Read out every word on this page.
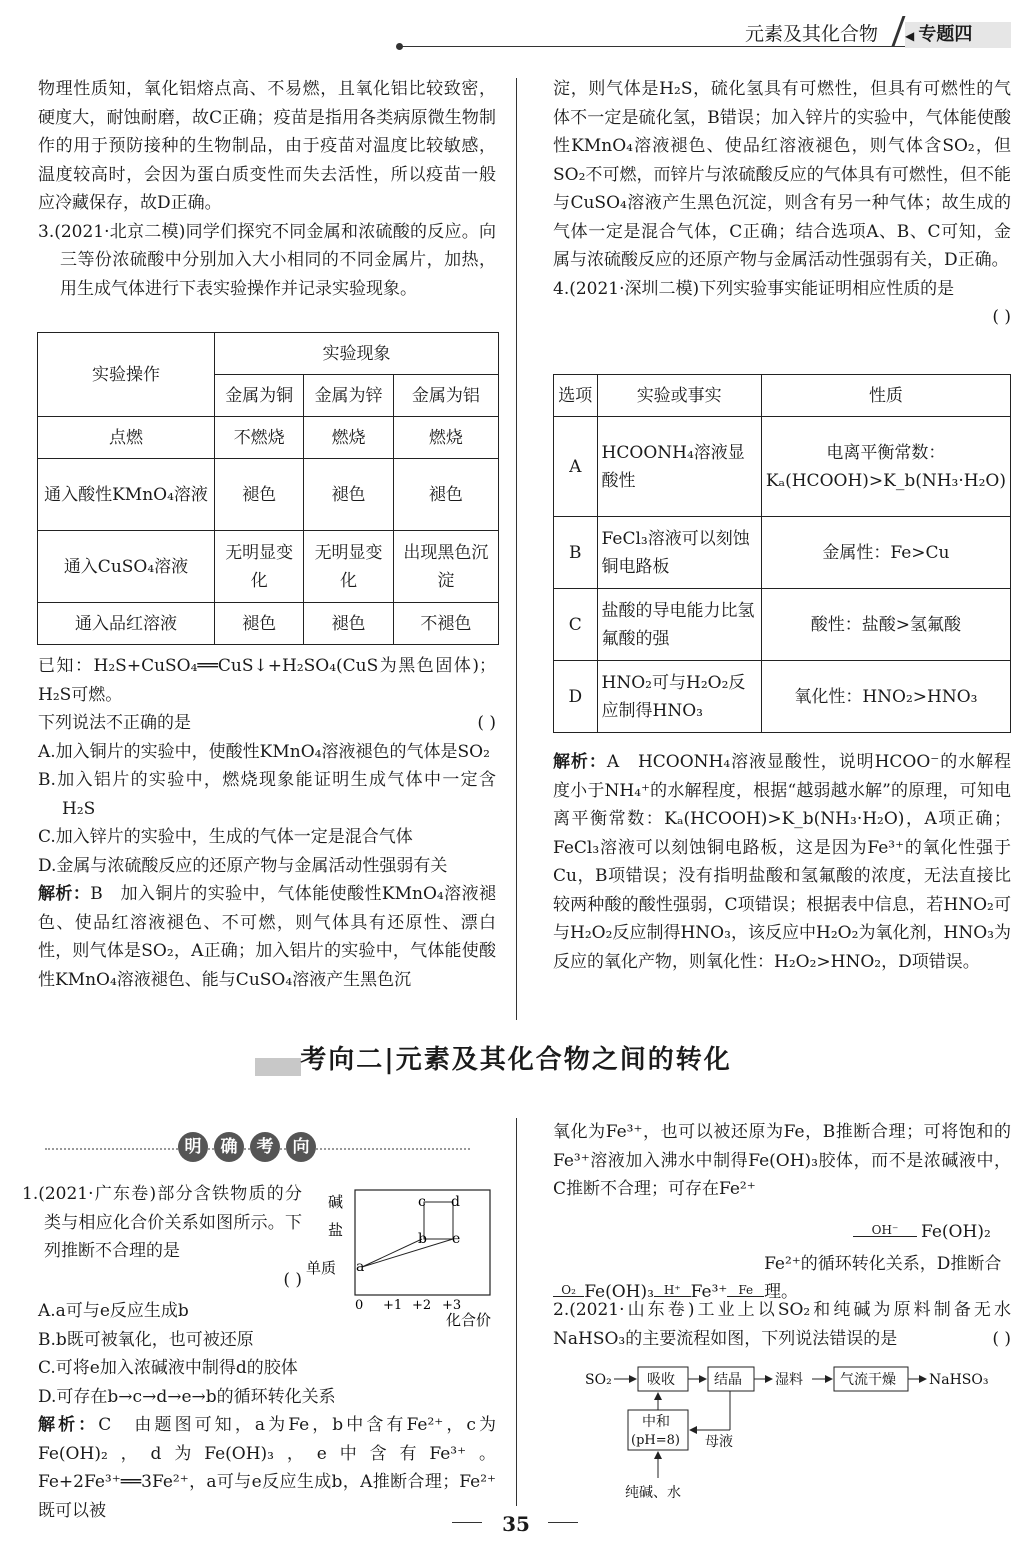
元素及其化合物 ◀ 专题四

物理性质知，氧化铝熔点高、不易燃，且氧化铝比较致密，硬度大，耐蚀耐磨，故C正确；疫苗是指用各类病原微生物制作的用于预防接种的生物制品，由于疫苗对温度比较敏感，温度较高时，会因为蛋白质变性而失去活性，所以疫苗一般应冷藏保存，故D正确。

3.(2021·北京二模)同学们探究不同金属和浓硫酸的反应。向三等份浓硫酸中分别加入大小相同的不同金属片，加热，用生成气体进行下表实验操作并记录实验现象。

实验操作	实验现象		
	金属为铜	金属为锌	金属为铝
点燃	不燃烧	燃烧	燃烧
通入酸性KMnO₄溶液	褪色	褪色	褪色
通入CuSO₄溶液	无明显变化	无明显变化	出现黑色沉淀
通入品红溶液	褪色	褪色	不褪色

已知：H₂S+CuSO₄══CuS↓+H₂SO₄(CuS为黑色固体)；H₂S可燃。

下列说法不正确的是	( )

A.加入铜片的实验中，使酸性KMnO₄溶液褪色的气体是SO₂

B.加入铝片的实验中，燃烧现象能证明生成气体中一定含H₂S

C.加入锌片的实验中，生成的气体一定是混合气体

D.金属与浓硫酸反应的还原产物与金属活动性强弱有关

解析：B　加入铜片的实验中，气体能使酸性KMnO₄溶液褪色、使品红溶液褪色、不可燃，则气体具有还原性、漂白性，则气体是SO₂，A正确；加入铝片的实验中，气体能使酸性KMnO₄溶液褪色、能与CuSO₄溶液产生黑色沉

淀，则气体是H₂S，硫化氢具有可燃性，但具有可燃性的气体不一定是硫化氢，B错误；加入锌片的实验中，气体能使酸性KMnO₄溶液褪色、使品红溶液褪色，则气体含SO₂，但SO₂不可燃，而锌片与浓硫酸反应的气体具有可燃性，但不能与CuSO₄溶液产生黑色沉淀，则含有另一种气体；故生成的气体一定是混合气体，C正确；结合选项A、B、C可知，金属与浓硫酸反应的还原产物与金属活动性强弱有关，D正确。

4.(2021·深圳二模)下列实验事实能证明相应性质的是

( )

选项	实验或事实	性质
A	HCOONH₄溶液显酸性	电离平衡常数：Kₐ(HCOOH)>K_b(NH₃·H₂O)
B	FeCl₃溶液可以刻蚀铜电路板	金属性：Fe>Cu
C	盐酸的导电能力比氢氟酸的强	酸性：盐酸>氢氟酸
D	HNO₂可与H₂O₂反应制得HNO₃	氧化性：HNO₂>HNO₃

解析：A　HCOONH₄溶液显酸性，说明HCOO⁻的水解程度小于NH₄⁺的水解程度，根据“越弱越水解”的原理，可知电离平衡常数：Kₐ(HCOOH)>K_b(NH₃·H₂O)，A项正确；FeCl₃溶液可以刻蚀铜电路板，这是因为Fe³⁺的氧化性强于Cu，B项错误；没有指明盐酸和氢氟酸的浓度，无法直接比较两种酸的酸性强弱，C项错误；根据表中信息，若HNO₂可与H₂O₂反应制得HNO₃，该反应中H₂O₂为氧化剂，HNO₃为反应的氧化产物，则氧化性：H₂O₂>HNO₂，D项错误。

考向二|元素及其化合物之间的转化
明 确 考 向

1.(2021·广东卷)部分含铁物质的分类与相应化合价关系如图所示。下列推断不合理的是

( )

碱
盐
单质
0 +1 +2 +3
化合价
a
b
c d
e

A.a可与e反应生成b

B.b既可被氧化，也可被还原

C.可将e加入浓碱液中制得d的胶体

D.可存在b→c→d→e→b的循环转化关系

解析：C　由题图可知，a为Fe，b中含有Fe²⁺，c为Fe(OH)₂，d为Fe(OH)₃，e中含有Fe³⁺。Fe+2Fe³⁺══3Fe²⁺，a可与e反应生成b，A推断合理；Fe²⁺既可以被

氧化为Fe³⁺，也可以被还原为Fe，B推断合理；可将饱和的Fe³⁺溶液加入沸水中制得Fe(OH)₃胶体，而不是浓碱液中，C推断不合理；可存在Fe²⁺

OH⁻	Fe(OH)₂
O₂ Fe(OH)₃ H⁺ Fe³⁺ Fe
Fe²⁺的循环转化关系，D推断合理。

2.(2021·山东卷)工业上以SO₂和纯碱为原料制备无水NaHSO₃的主要流程如图，下列说法错误的是	( )

SO₂	吸收	结晶 湿料	气流干燥 NaHSO₃
中和
(pH=8) 母液
纯碱、水
35
